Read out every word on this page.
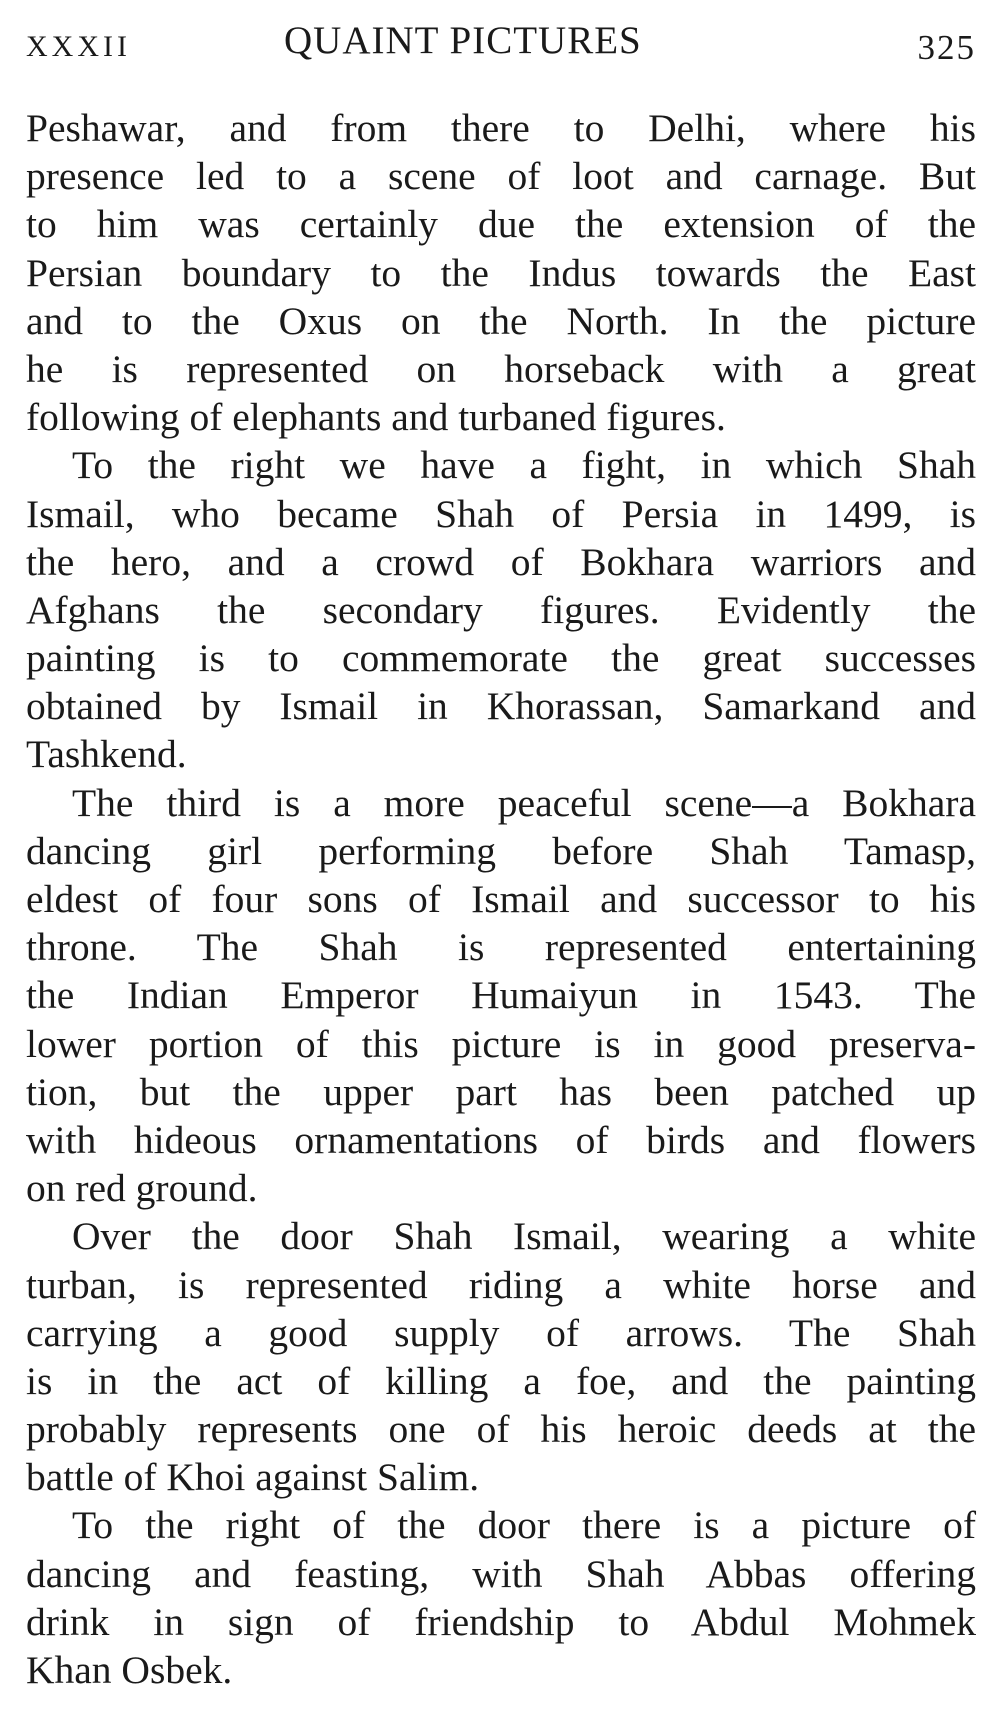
XXXII	QUAINT PICTURES	325
Peshawar, and from there to Delhi, where his
presence led to a scene of loot and carnage. But
to him was certainly due the extension of the
Persian boundary to the Indus towards the East
and to the Oxus on the North. In the picture
he is represented on horseback with a great
following of elephants and turbaned figures.
To the right we have a fight, in which Shah
Ismail, who became Shah of Persia in 1499, is
the hero, and a crowd of Bokhara warriors and
Afghans the secondary figures. Evidently the
painting is to commemorate the great successes
obtained by Ismail in Khorassan, Samarkand and
Tashkend.
The third is a more peaceful scene—a Bokhara
dancing girl performing before Shah Tamasp,
eldest of four sons of Ismail and successor to his
throne. The Shah is represented entertaining
the Indian Emperor Humaiyun in 1543. The
lower portion of this picture is in good preserva-
tion, but the upper part has been patched up
with hideous ornamentations of birds and flowers
on red ground.
Over the door Shah Ismail, wearing a white
turban, is represented riding a white horse and
carrying a good supply of arrows. The Shah
is in the act of killing a foe, and the painting
probably represents one of his heroic deeds at the
battle of Khoi against Salim.
To the right of the door there is a picture of
dancing and feasting, with Shah Abbas offering
drink in sign of friendship to Abdul Mohmek
Khan Osbek.
